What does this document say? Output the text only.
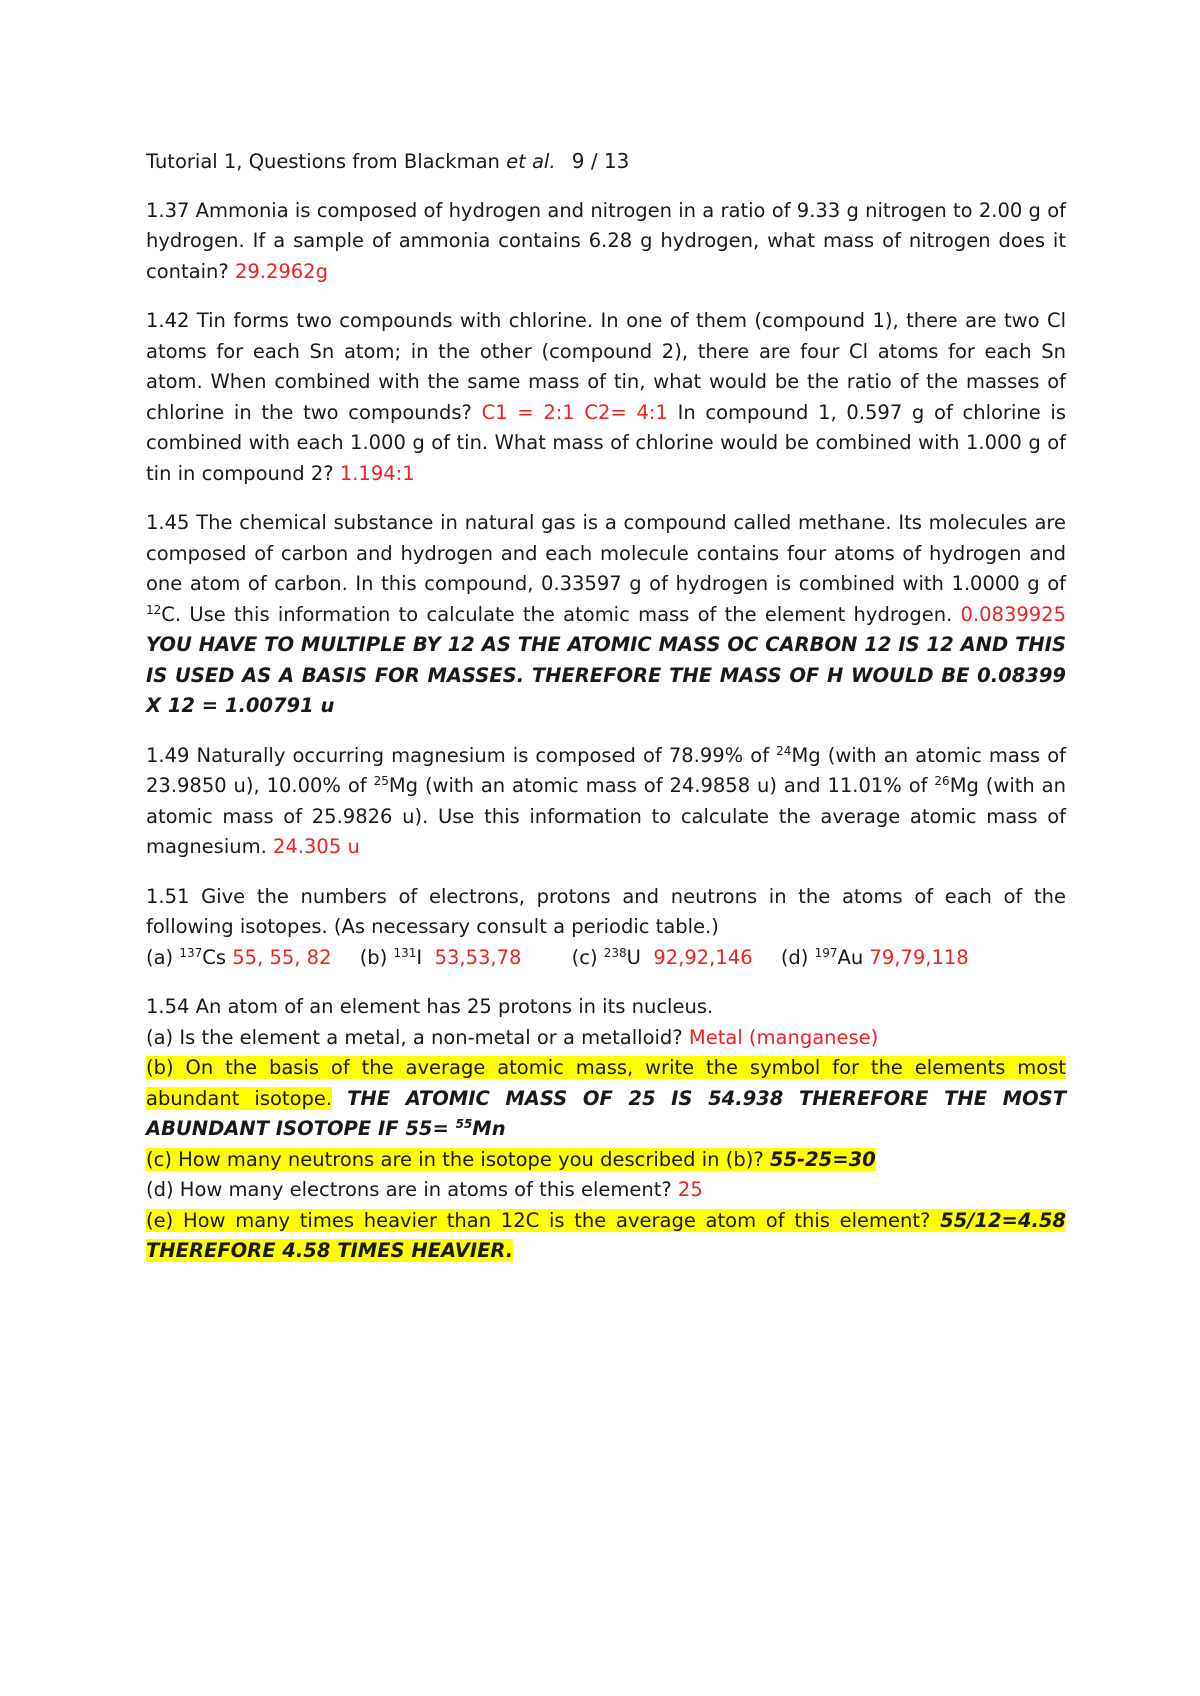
Tutorial 1, Questions from Blackman et al. 9 / 13

1.37 Ammonia is composed of hydrogen and nitrogen in a ratio of 9.33 g nitrogen to 2.00 g of hydrogen. If a sample of ammonia contains 6.28 g hydrogen, what mass of nitrogen does it contain? 29.2962g

1.42 Tin forms two compounds with chlorine. In one of them (compound 1), there are two Cl atoms for each Sn atom; in the other (compound 2), there are four Cl atoms for each Sn atom. When combined with the same mass of tin, what would be the ratio of the masses of chlorine in the two compounds? C1 = 2:1 C2= 4:1 In compound 1, 0.597 g of chlorine is combined with each 1.000 g of tin. What mass of chlorine would be combined with 1.000 g of tin in compound 2? 1.194:1

1.45 The chemical substance in natural gas is a compound called methane. Its molecules are composed of carbon and hydrogen and each molecule contains four atoms of hydrogen and one atom of carbon. In this compound, 0.33597 g of hydrogen is combined with 1.0000 g of $^{12}$C. Use this information to calculate the atomic mass of the element hydrogen. 0.0839925 YOU HAVE TO MULTIPLE BY 12 AS THE ATOMIC MASS OC CARBON 12 IS 12 AND THIS IS USED AS A BASIS FOR MASSES. THEREFORE THE MASS OF H WOULD BE 0.08399 X 12 = 1.00791 u

1.49 Naturally occurring magnesium is composed of 78.99% of $^{24}$Mg (with an atomic mass of 23.9850 u), 10.00% of $^{25}$Mg (with an atomic mass of 24.9858 u) and 11.01% of $^{26}$Mg (with an atomic mass of 25.9826 u). Use this information to calculate the average atomic mass of magnesium. 24.305 u

1.51 Give the numbers of electrons, protons and neutrons in the atoms of each of the following isotopes. (As necessary consult a periodic table.)
(a) $^{137}$Cs 55, 55, 82 (b) $^{131}$I 53,53,78	(c) $^{238}$U 92,92,146 (d) $^{197}$Au 79,79,118

1.54 An atom of an element has 25 protons in its nucleus.
(a) Is the element a metal, a non-metal or a metalloid? Metal (manganese)
(b) On the basis of the average atomic mass, write the symbol for the elements most abundant isotope. THE ATOMIC MASS OF 25 IS 54.938 THEREFORE THE MOST ABUNDANT ISOTOPE IF 55= $^{55}$Mn
(c) How many neutrons are in the isotope you described in (b)? 55-25=30
(d) How many electrons are in atoms of this element? 25
(e) How many times heavier than 12C is the average atom of this element? 55/12=4.58 THEREFORE 4.58 TIMES HEAVIER.
